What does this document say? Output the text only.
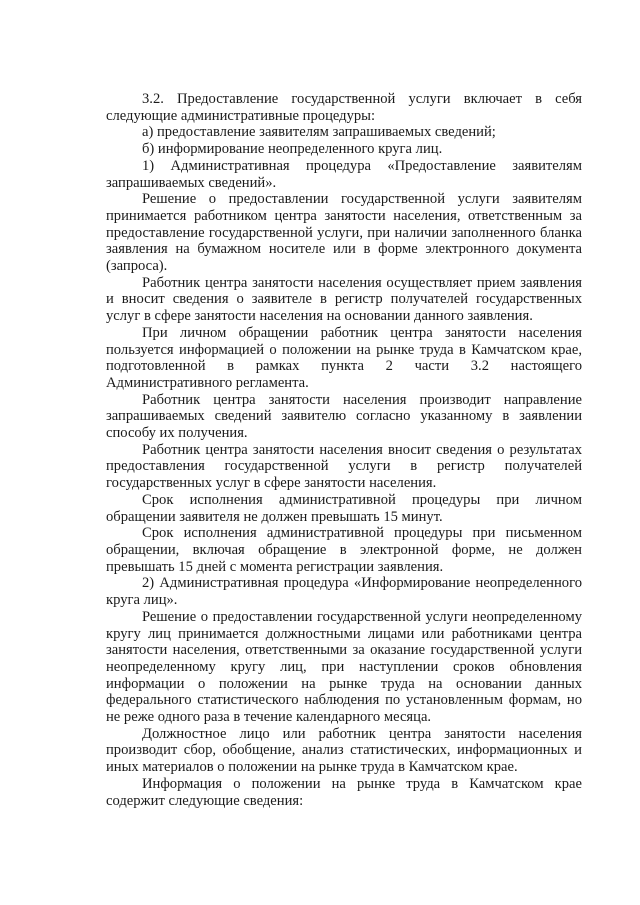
3.2. Предоставление государственной услуги включает в себя следующие административные процедуры:

а) предоставление заявителям запрашиваемых сведений;

б) информирование неопределенного круга лиц.

1) Административная процедура «Предоставление заявителям запрашиваемых сведений».

Решение о предоставлении государственной услуги заявителям принимается работником центра занятости населения, ответственным за предоставление государственной услуги, при наличии заполненного бланка заявления на бумажном носителе или в форме электронного документа (запроса).

Работник центра занятости населения осуществляет прием заявления и вносит сведения о заявителе в регистр получателей государственных услуг в сфере занятости населения на основании данного заявления.

При личном обращении работник центра занятости населения пользуется информацией о положении на рынке труда в Камчатском крае, подготовленной в рамках пункта 2 части 3.2 настоящего Административного регламента.

Работник центра занятости населения производит направление запрашиваемых сведений заявителю согласно указанному в заявлении способу их получения.

Работник центра занятости населения вносит сведения о результатах предоставления государственной услуги в регистр получателей государственных услуг в сфере занятости населения.

Срок исполнения административной процедуры при личном обращении заявителя не должен превышать 15 минут.

Срок исполнения административной процедуры при письменном обращении, включая обращение в электронной форме, не должен превышать 15 дней с момента регистрации заявления.

2) Административная процедура «Информирование неопределенного круга лиц».

Решение о предоставлении государственной услуги неопределенному кругу лиц принимается должностными лицами или работниками центра занятости населения, ответственными за оказание государственной услуги неопределенному кругу лиц, при наступлении сроков обновления информации о положении на рынке труда на основании данных федерального статистического наблюдения по установленным формам, но не реже одного раза в течение календарного месяца.

Должностное лицо или работник центра занятости населения производит сбор, обобщение, анализ статистических, информационных и иных материалов о положении на рынке труда в Камчатском крае.

Информация о положении на рынке труда в Камчатском крае содержит следующие сведения:
